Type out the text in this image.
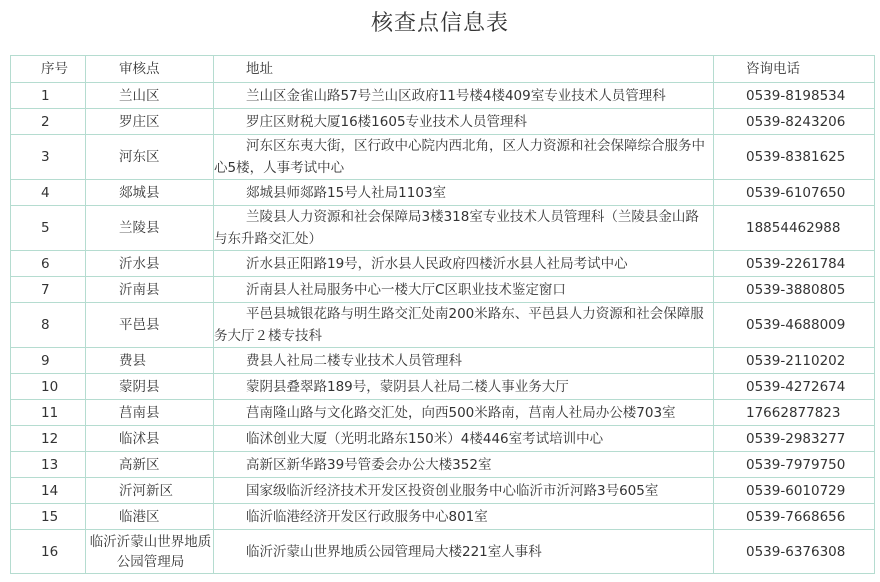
核查点信息表
序号	审核点	地址	咨询电话
1	兰山区	兰山区金雀山路57号兰山区政府11号楼4楼409室专业技术人员管理科	0539-8198534
2	罗庄区	罗庄区财税大厦16楼1605专业技术人员管理科	0539-8243206
3	河东区	河东区东夷大街，区行政中心院内西北角，区人力资源和社会保障综合服务中心5楼，人事考试中心	0539-8381625
4	郯城县	郯城县师郯路15号人社局1103室	0539-6107650
5	兰陵县	兰陵县人力资源和社会保障局3楼318室专业技术人员管理科（兰陵县金山路与东升路交汇处）	18854462988
6	沂水县	沂水县正阳路19号，沂水县人民政府四楼沂水县人社局考试中心	0539-2261784
7	沂南县	沂南县人社局服务中心一楼大厅C区职业技术鉴定窗口	0539-3880805
8	平邑县	平邑县城银花路与明生路交汇处南200米路东、平邑县人力资源和社会保障服务大厅２楼专技科	0539-4688009
9	费县	费县人社局二楼专业技术人员管理科	0539-2110202
10	蒙阴县	蒙阴县叠翠路189号，蒙阴县人社局二楼人事业务大厅	0539-4272674
11	莒南县	莒南隆山路与文化路交汇处，向西500米路南，莒南人社局办公楼703室	17662877823
12	临沭县	临沭创业大厦（光明北路东150米）4楼446室考试培训中心	0539-2983277
13	高新区	高新区新华路39号管委会办公大楼352室	0539-7979750
14	沂河新区	国家级临沂经济技术开发区投资创业服务中心临沂市沂河路3号605室	0539-6010729
15	临港区	临沂临港经济开发区行政服务中心801室	0539-7668656
16	临沂沂蒙山世界地质公园管理局	临沂沂蒙山世界地质公园管理局大楼221室人事科	0539-6376308
